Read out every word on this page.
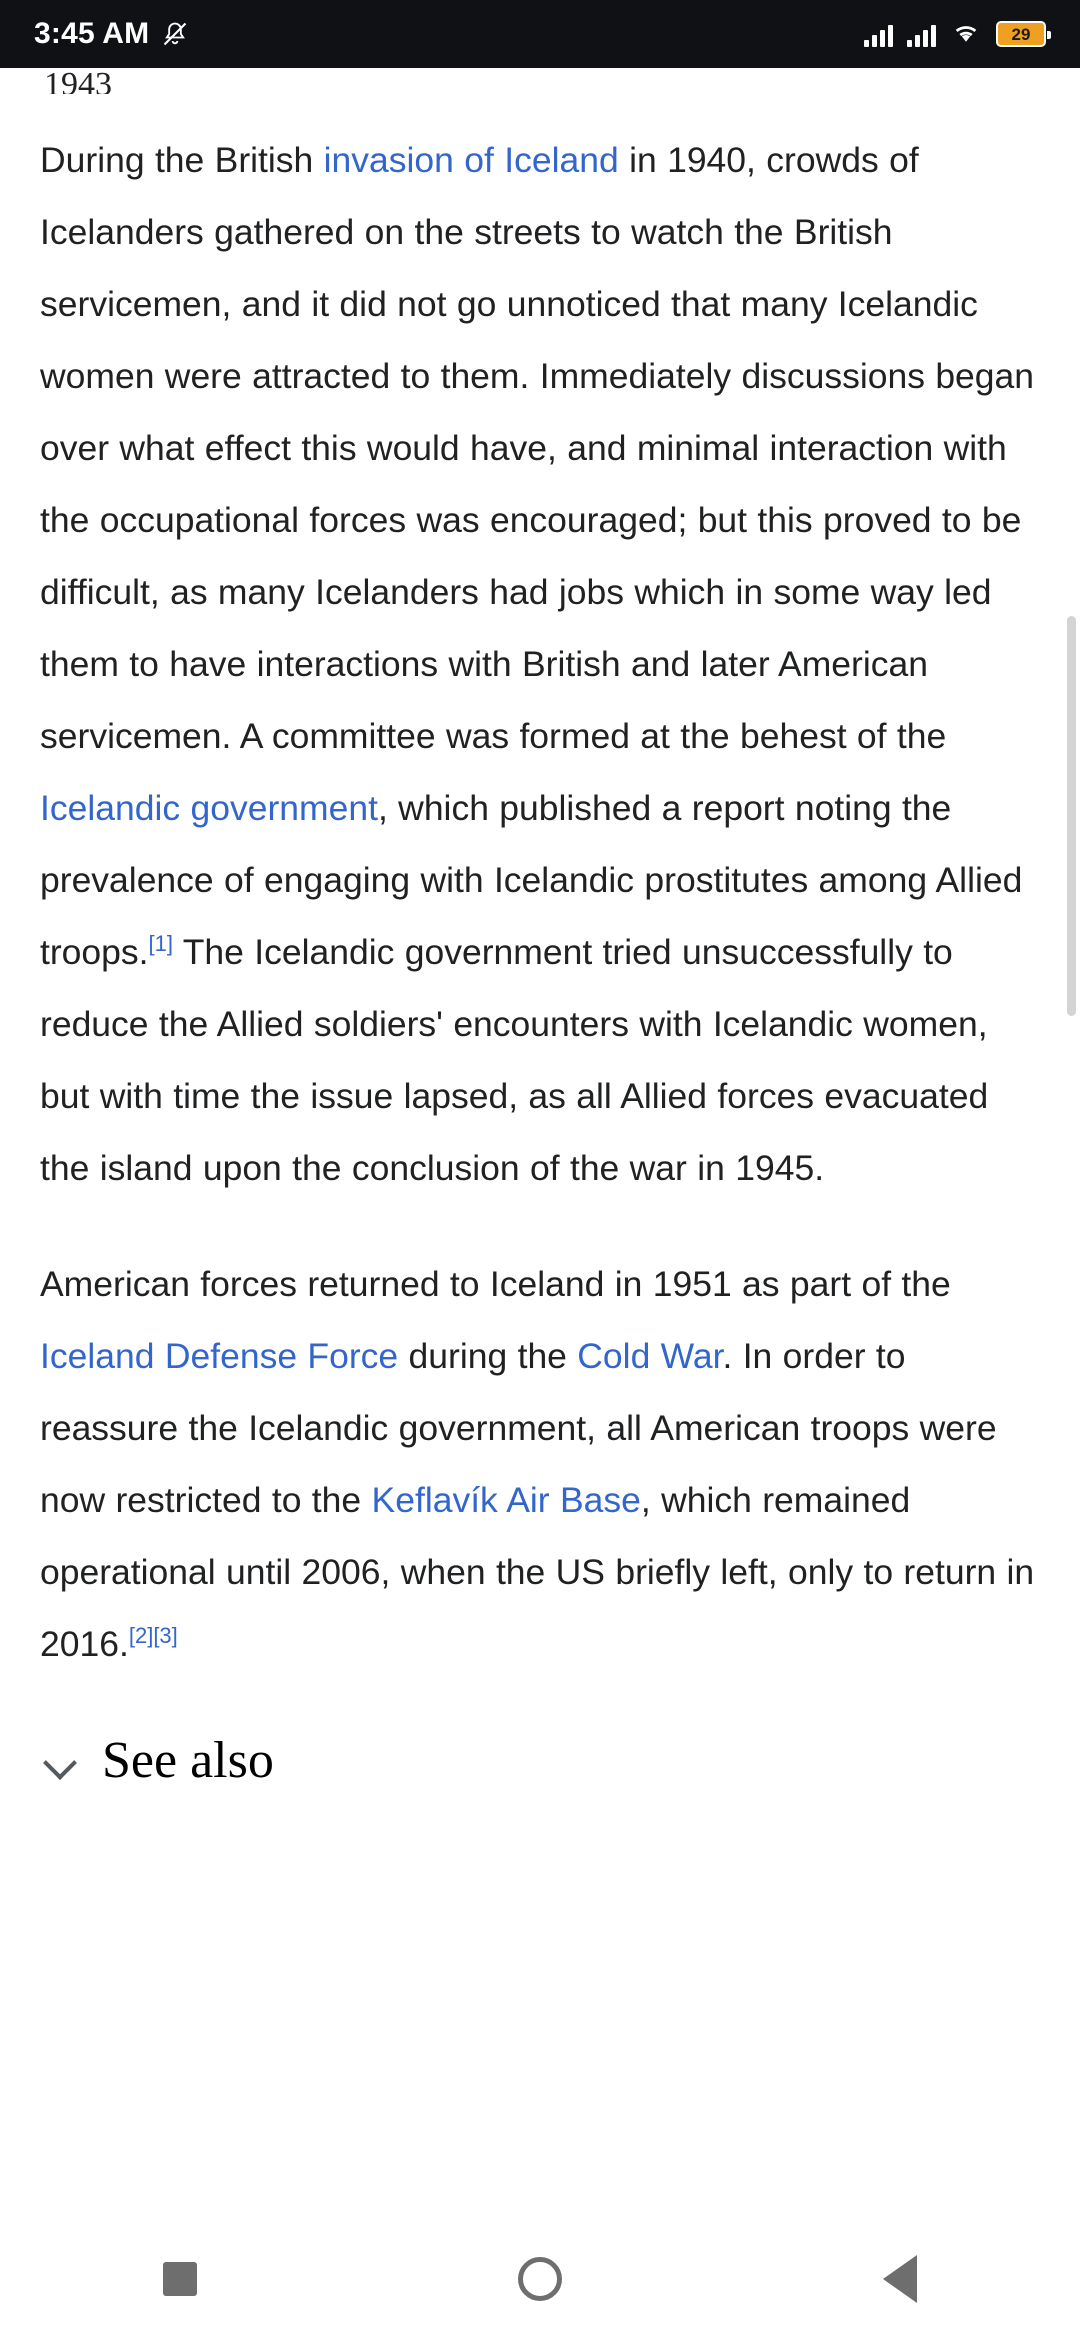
3:45 AM	29
1943

During the British invasion of Iceland in 1940, crowds of Icelanders gathered on the streets to watch the British servicemen, and it did not go unnoticed that many Icelandic women were attracted to them. Immediately discussions began over what effect this would have, and minimal interaction with the occupational forces was encouraged; but this proved to be difficult, as many Icelanders had jobs which in some way led them to have interactions with British and later American servicemen. A committee was formed at the behest of the Icelandic government, which published a report noting the prevalence of engaging with Icelandic prostitutes among Allied troops.[1] The Icelandic government tried unsuccessfully to reduce the Allied soldiers' encounters with Icelandic women, but with time the issue lapsed, as all Allied forces evacuated the island upon the conclusion of the war in 1945.

American forces returned to Iceland in 1951 as part of the Iceland Defense Force during the Cold War. In order to reassure the Icelandic government, all American troops were now restricted to the Keflavík Air Base, which remained operational until 2006, when the US briefly left, only to return in 2016.[2][3]

See also
